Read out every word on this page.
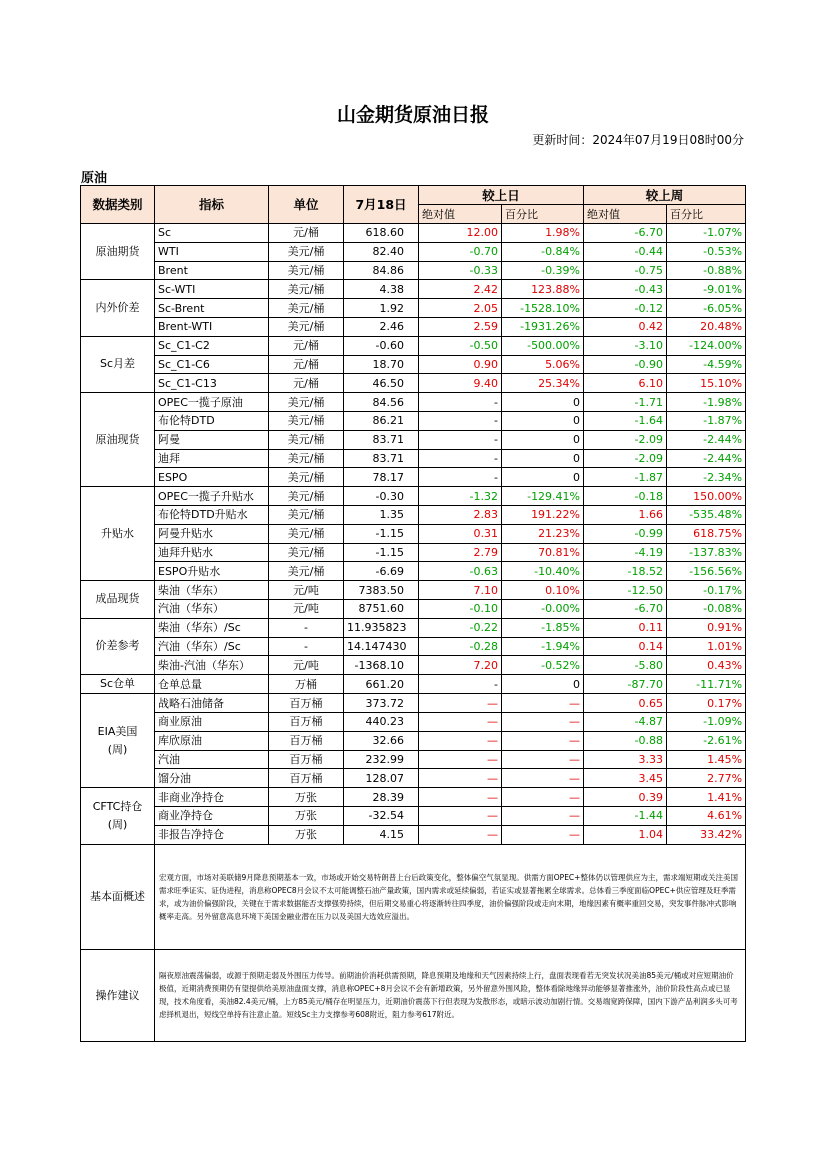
山金期货原油日报
更新时间：2024年07月19日08时00分
原油
数据类别	指标	单位	7月18日	较上日		较上周	
				绝对值	百分比	绝对值	百分比
原油期货	Sc	元/桶	618.60	12.00	1.98%	-6.70	-1.07%
	WTI	美元/桶	82.40	-0.70	-0.84%	-0.44	-0.53%
	Brent	美元/桶	84.86	-0.33	-0.39%	-0.75	-0.88%
内外价差	Sc-WTI	美元/桶	4.38	2.42	123.88%	-0.43	-9.01%
	Sc-Brent	美元/桶	1.92	2.05	-1528.10%	-0.12	-6.05%
	Brent-WTI	美元/桶	2.46	2.59	-1931.26%	0.42	20.48%
Sc月差	Sc_C1-C2	元/桶	-0.60	-0.50	-500.00%	-3.10	-124.00%
	Sc_C1-C6	元/桶	18.70	0.90	5.06%	-0.90	-4.59%
	Sc_C1-C13	元/桶	46.50	9.40	25.34%	6.10	15.10%
原油现货	OPEC一揽子原油	美元/桶	84.56	-	0	-1.71	-1.98%
	布伦特DTD	美元/桶	86.21	-	0	-1.64	-1.87%
	阿曼	美元/桶	83.71	-	0	-2.09	-2.44%
	迪拜	美元/桶	83.71	-	0	-2.09	-2.44%
	ESPO	美元/桶	78.17	-	0	-1.87	-2.34%
升贴水	OPEC一揽子升贴水	美元/桶	-0.30	-1.32	-129.41%	-0.18	150.00%
	布伦特DTD升贴水	美元/桶	1.35	2.83	191.22%	1.66	-535.48%
	阿曼升贴水	美元/桶	-1.15	0.31	21.23%	-0.99	618.75%
	迪拜升贴水	美元/桶	-1.15	2.79	70.81%	-4.19	-137.83%
	ESPO升贴水	美元/桶	-6.69	-0.63	-10.40%	-18.52	-156.56%
成品现货	柴油（华东）	元/吨	7383.50	7.10	0.10%	-12.50	-0.17%
	汽油（华东）	元/吨	8751.60	-0.10	-0.00%	-6.70	-0.08%
价差参考	柴油（华东）/Sc	-	11.935823	-0.22	-1.85%	0.11	0.91%
	汽油（华东）/Sc	-	14.147430	-0.28	-1.94%	0.14	1.01%
	柴油-汽油（华东）	元/吨	-1368.10	7.20	-0.52%	-5.80	0.43%
Sc仓单	仓单总量	万桶	661.20	-	0	-87.70	-11.71%
EIA美国
(周)	战略石油储备	百万桶	373.72	—	—	0.65	0.17%
	商业原油	百万桶	440.23	—	—	-4.87	-1.09%
	库欣原油	百万桶	32.66	—	—	-0.88	-2.61%
	汽油	百万桶	232.99	—	—	3.33	1.45%
	馏分油	百万桶	128.07	—	—	3.45	2.77%
CFTC持仓
(周)	非商业净持仓	万张	28.39	—	—	0.39	1.41%
	商业净持仓	万张	-32.54	—	—	-1.44	4.61%
	非报告净持仓	万张	4.15	—	—	1.04	33.42%
基本面概述	宏观方面，市场对美联储9月降息预期基本一致，市场或开始交易特朗普上台后政策变化，整体偏空气氛显现。供需方面OPEC+整体仍以管理供应为主，需求端短期或关注美国需求旺季证实、证伪进程，消息称OPEC8月会议不太可能调整石油产量政策，国内需求或延续偏弱，若证实或显著拖累全球需求。总体看三季度面临OPEC+供应管理及旺季需求，或为油价偏强阶段，关键在于需求数据能否支撑强势持续，但后期交易重心将逐渐转往四季度，油价偏强阶段或走向末期，地缘因素有概率重回交易，突发事件脉冲式影响概率走高。另外留意高息环境下美国金融业潜在压力以及美国大选效应溢出。						
操作建议	隔夜原油震荡偏弱，或源于预期走弱及外围压力传导。前期油价消耗供需预期，降息预期及地缘和天气因素持续上行，盘面表现看若无突发状况美油85美元/桶或对应短期油价极值，近期消费预期仍有望提供给美原油盘面支撑，消息称OPEC+8月会议不会有新增政策，另外留意外围风险，整体看除地缘异动能够显著推涨外，油价阶段性高点或已显现，技术角度看，美油82.4美元/桶，上方85美元/桶存在明显压力，近期油价震荡下行但表现为发散形态，或暗示波动加剧行情。交易端宽跨保障，国内下游产品利润多头可考虑择机退出，短线空单持有注意止盈。短线Sc主力支撑参考608附近，阻力参考617附近。						
